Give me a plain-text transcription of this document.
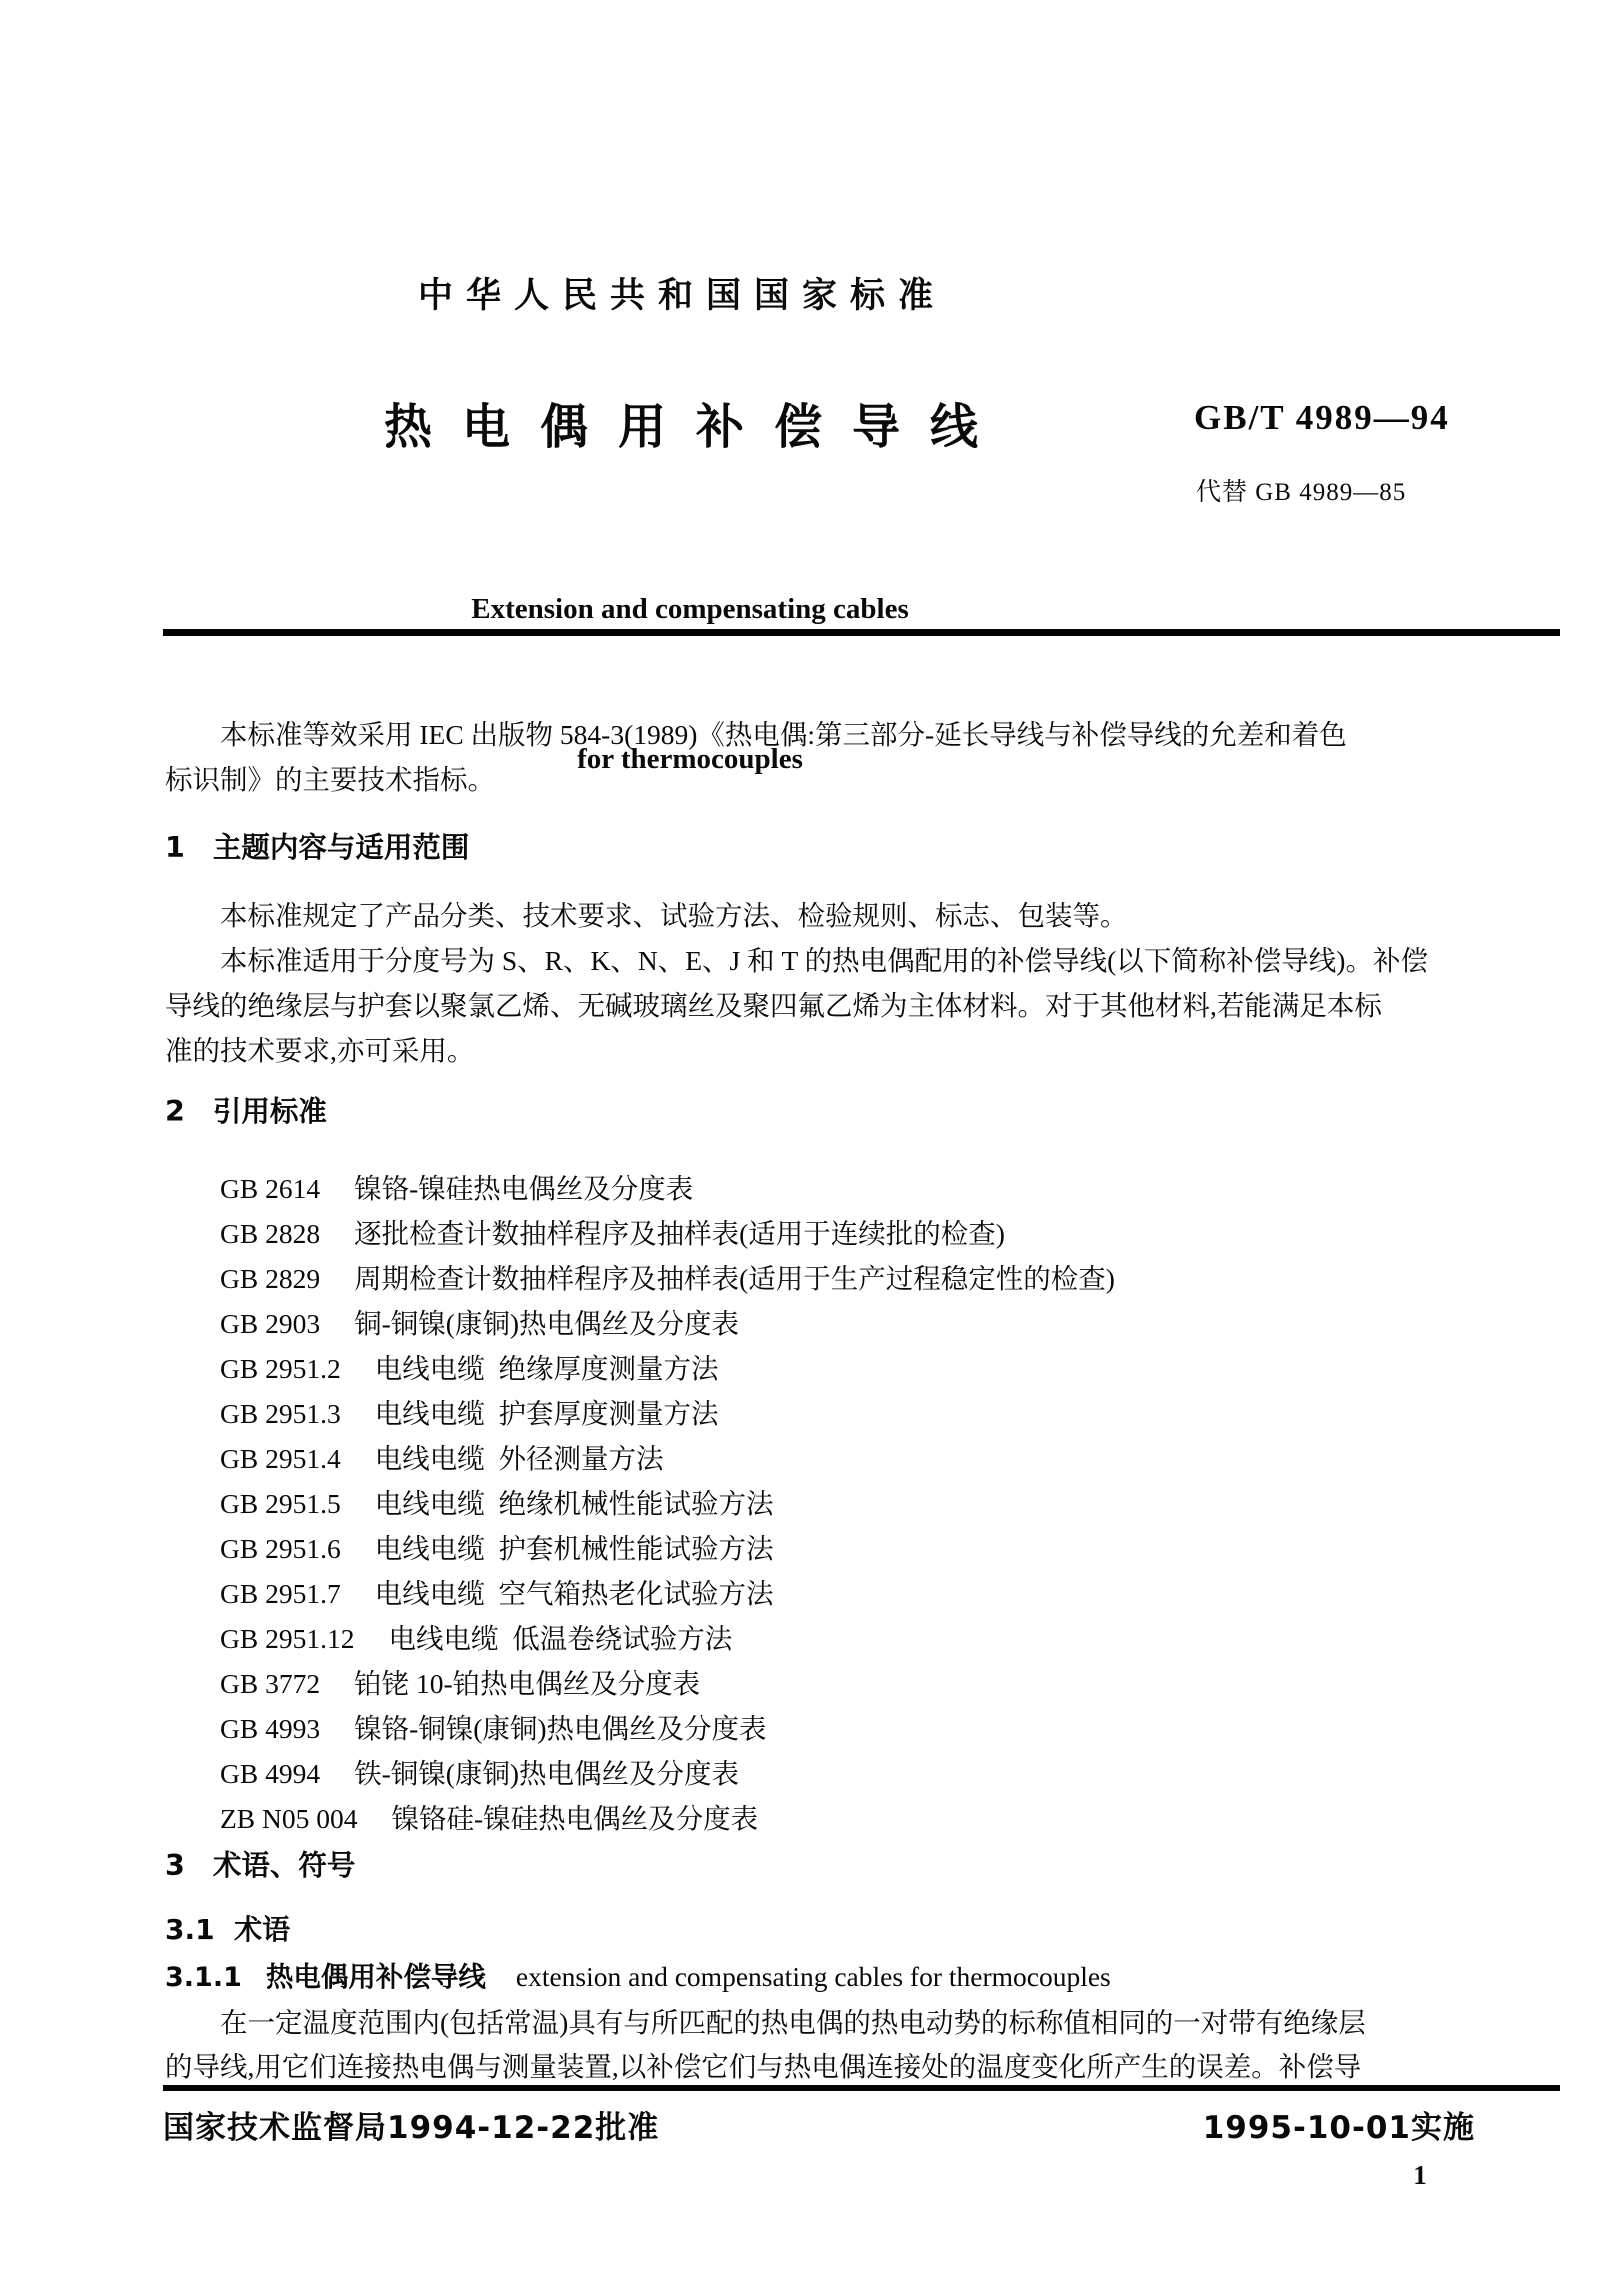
中华人民共和国国家标准
热电偶用补偿导线	GB/T 4989—94

Extension and compensating cables

for thermocouples

代替 GB 4989—85
本标准等效采用 IEC 出版物 584-3(1989)《热电偶:第三部分-延长导线与补偿导线的允差和着色
标识制》的主要技术指标。
1 主题内容与适用范围
本标准规定了产品分类、技术要求、试验方法、检验规则、标志、包装等。
本标准适用于分度号为 S、R、K、N、E、J 和 T 的热电偶配用的补偿导线(以下简称补偿导线)。补偿
导线的绝缘层与护套以聚氯乙烯、无碱玻璃丝及聚四氟乙烯为主体材料。对于其他材料,若能满足本标
准的技术要求,亦可采用。
2 引用标准
GB 2614 镍铬-镍硅热电偶丝及分度表
GB 2828 逐批检查计数抽样程序及抽样表(适用于连续批的检查)
GB 2829 周期检查计数抽样程序及抽样表(适用于生产过程稳定性的检查)
GB 2903 铜-铜镍(康铜)热电偶丝及分度表
GB 2951.2 电线电缆  绝缘厚度测量方法
GB 2951.3 电线电缆  护套厚度测量方法
GB 2951.4 电线电缆  外径测量方法
GB 2951.5 电线电缆  绝缘机械性能试验方法
GB 2951.6 电线电缆  护套机械性能试验方法
GB 2951.7 电线电缆  空气箱热老化试验方法
GB 2951.12 电线电缆  低温卷绕试验方法
GB 3772 铂铑 10-铂热电偶丝及分度表
GB 4993 镍铬-铜镍(康铜)热电偶丝及分度表
GB 4994 铁-铜镍(康铜)热电偶丝及分度表
ZB N05 004 镍铬硅-镍硅热电偶丝及分度表
3 术语、符号
3.1  术语
3.1.1 热电偶用补偿导线 extension and compensating cables for thermocouples
在一定温度范围内(包括常温)具有与所匹配的热电偶的热电动势的标称值相同的一对带有绝缘层
的导线,用它们连接热电偶与测量装置,以补偿它们与热电偶连接处的温度变化所产生的误差。补偿导
国家技术监督局1994-12-22批准	1995-10-01实施
1
